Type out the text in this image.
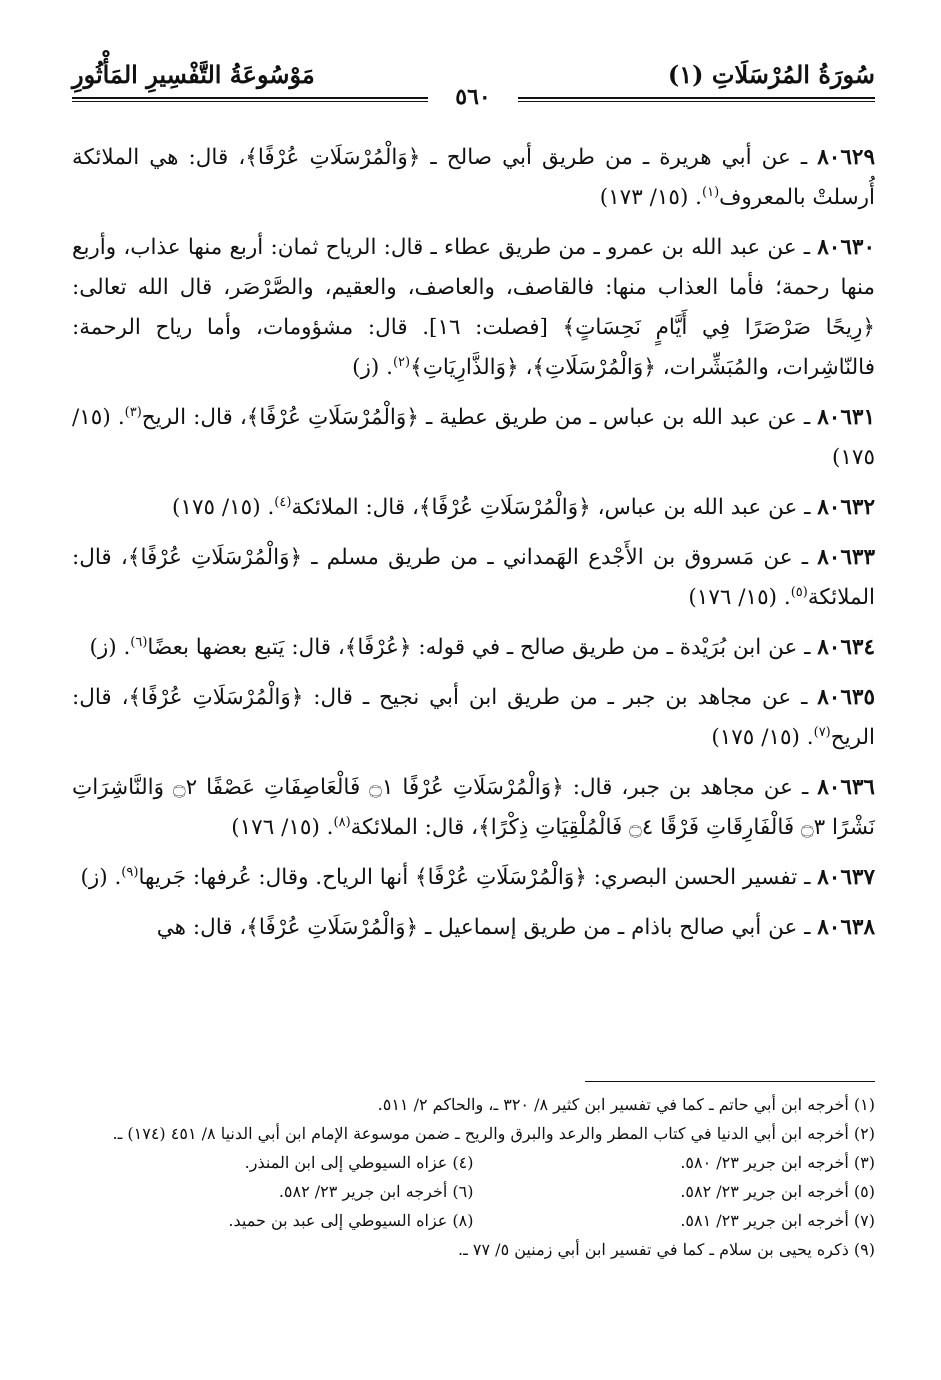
سُورَةُ المُرْسَلَاتِ (١)
مَوْسُوعَةُ التَّفْسِيرِ المَأْثُورِ
٥٦٠

٨٠٦٢٩ ـ عن أبي هريرة ـ من طريق أبي صالح ـ ﴿وَالْمُرْسَلَاتِ عُرْفًا﴾، قال: هي الملائكة أُرسلتْ بالمعروف$^{(١)}$. (١٥/ ١٧٣)

٨٠٦٣٠ ـ عن عبد الله بن عمرو ـ من طريق عطاء ـ قال: الرياح ثمان: أربع منها عذاب، وأربع منها رحمة؛ فأما العذاب منها: فالقاصف، والعاصف، والعقيم، والصَّرْصَر، قال الله تعالى: ﴿رِيحًا صَرْصَرًا فِي أَيَّامٍ نَحِسَاتٍ﴾ [فصلت: ١٦]. قال: مشؤومات، وأما رياح الرحمة: فالنّاشِرات، والمُبَشِّرات، ﴿وَالْمُرْسَلَاتِ﴾، ﴿وَالذَّارِيَاتِ﴾$^{(٢)}$. (ز)

٨٠٦٣١ ـ عن عبد الله بن عباس ـ من طريق عطية ـ ﴿وَالْمُرْسَلَاتِ عُرْفًا﴾، قال: الريح$^{(٣)}$. (١٥/ ١٧٥)

٨٠٦٣٢ ـ عن عبد الله بن عباس، ﴿وَالْمُرْسَلَاتِ عُرْفًا﴾، قال: الملائكة$^{(٤)}$. (١٥/ ١٧٥)

٨٠٦٣٣ ـ عن مَسروق بن الأَجْدع الهَمداني ـ من طريق مسلم ـ ﴿وَالْمُرْسَلَاتِ عُرْفًا﴾، قال: الملائكة$^{(٥)}$. (١٥/ ١٧٦)

٨٠٦٣٤ ـ عن ابن بُرَيْدة ـ من طريق صالح ـ في قوله: ﴿عُرْفًا﴾، قال: يَتبع بعضها بعضًا$^{(٦)}$. (ز)

٨٠٦٣٥ ـ عن مجاهد بن جبر ـ من طريق ابن أبي نجيح ـ قال: ﴿وَالْمُرْسَلَاتِ عُرْفًا﴾، قال: الريح$^{(٧)}$. (١٥/ ١٧٥)

٨٠٦٣٦ ـ عن مجاهد بن جبر، قال: ﴿وَالْمُرْسَلَاتِ عُرْفًا ۝١ فَالْعَاصِفَاتِ عَصْفًا ۝٢ وَالنَّاشِرَاتِ نَشْرًا ۝٣ فَالْفَارِقَاتِ فَرْقًا ۝٤ فَالْمُلْقِيَاتِ ذِكْرًا﴾، قال: الملائكة$^{(٨)}$. (١٥/ ١٧٦)

٨٠٦٣٧ ـ تفسير الحسن البصري: ﴿وَالْمُرْسَلَاتِ عُرْفًا﴾ أنها الرياح. وقال: عُرفها: جَريها$^{(٩)}$. (ز)

٨٠٦٣٨ ـ عن أبي صالح باذام ـ من طريق إسماعيل ـ ﴿وَالْمُرْسَلَاتِ عُرْفًا﴾، قال: هي

(١) أخرجه ابن أبي حاتم ـ كما في تفسير ابن كثير ٨/ ٣٢٠ ـ، والحاكم ٢/ ٥١١.
(٢) أخرجه ابن أبي الدنيا في كتاب المطر والرعد والبرق والريح ـ ضمن موسوعة الإمام ابن أبي الدنيا ٨/ ٤٥١ (١٧٤) ـ.
(٣) أخرجه ابن جرير ٢٣/ ٥٨٠.
(٤) عزاه السيوطي إلى ابن المنذر.
(٥) أخرجه ابن جرير ٢٣/ ٥٨٢.
(٦) أخرجه ابن جرير ٢٣/ ٥٨٢.
(٧) أخرجه ابن جرير ٢٣/ ٥٨١.
(٨) عزاه السيوطي إلى عبد بن حميد.
(٩) ذكره يحيى بن سلام ـ كما في تفسير ابن أبي زمنين ٥/ ٧٧ ـ.
